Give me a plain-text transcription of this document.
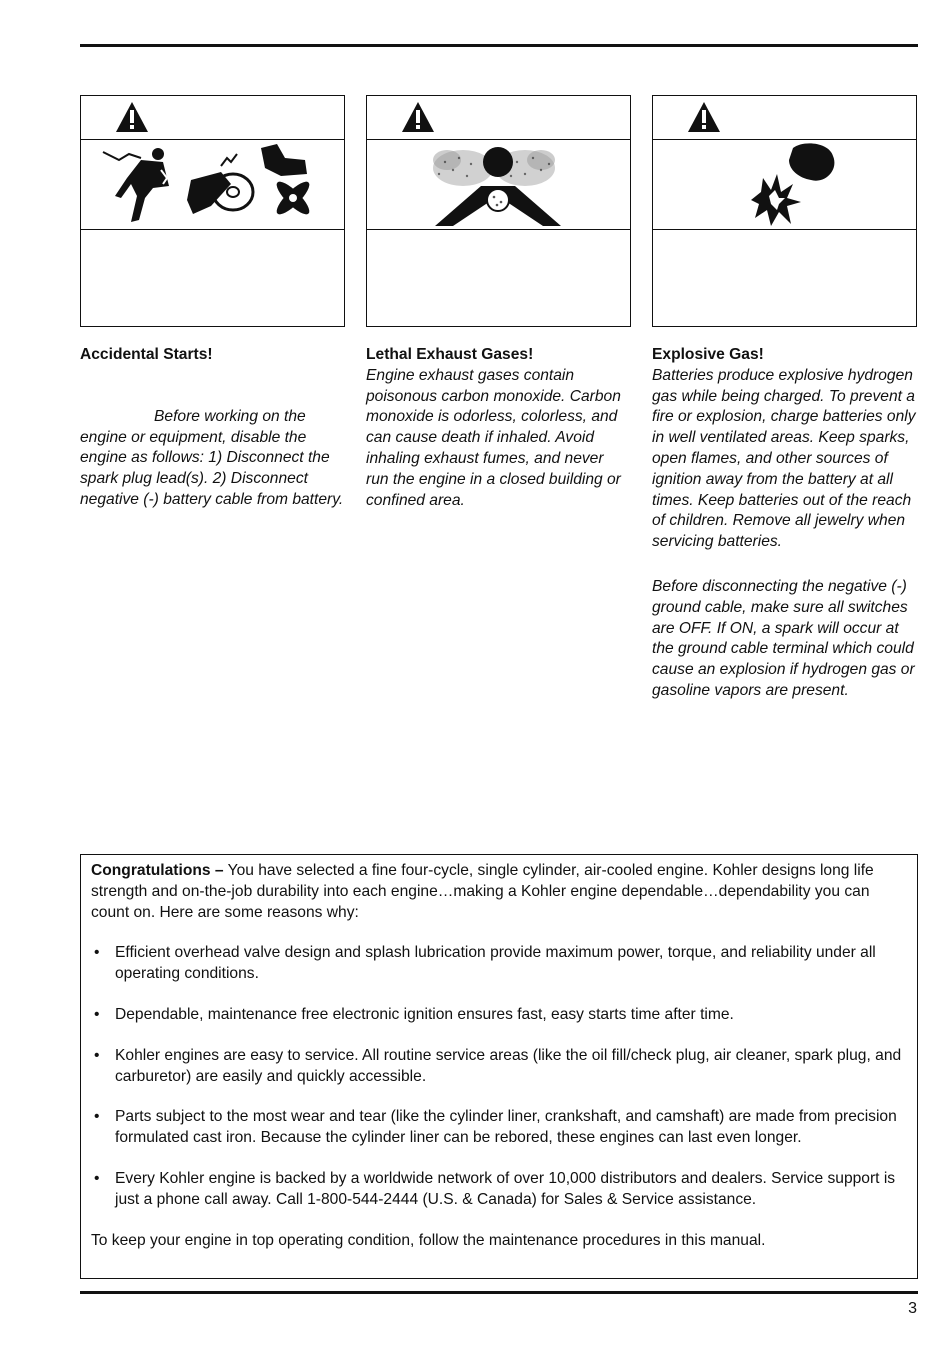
Accidental Starts!

Before working on the engine or equipment, disable the engine as follows: 1) Disconnect the spark plug lead(s). 2) Disconnect negative (-) battery cable from battery.

Lethal Exhaust Gases!

Engine exhaust gases contain poisonous carbon monoxide. Carbon monoxide is odorless, colorless, and can cause death if inhaled. Avoid inhaling exhaust fumes, and never run the engine in a closed building or confined area.

Explosive Gas!

Batteries produce explosive hydrogen gas while being charged. To prevent a fire or explosion, charge batteries only in well ventilated areas. Keep sparks, open flames, and other sources of ignition away from the battery at all times. Keep batteries out of the reach of children. Remove all jewelry when servicing batteries.

Before disconnecting the negative (-) ground cable, make sure all switches are OFF. If ON, a spark will occur at the ground cable terminal which could cause an explosion if hydrogen gas or gasoline vapors are present.

Congratulations – You have selected a fine four-cycle, single cylinder, air-cooled engine. Kohler designs long life strength and on-the-job durability into each engine…making a Kohler engine dependable…dependability you can count on. Here are some reasons why:

• Efficient overhead valve design and splash lubrication provide maximum power, torque, and reliability under all operating conditions.
• Dependable, maintenance free electronic ignition ensures fast, easy starts time after time.
• Kohler engines are easy to service. All routine service areas (like the oil fill/check plug, air cleaner, spark plug, and carburetor) are easily and quickly accessible.
• Parts subject to the most wear and tear (like the cylinder liner, crankshaft, and camshaft) are made from precision formulated cast iron. Because the cylinder liner can be rebored, these engines can last even longer.
• Every Kohler engine is backed by a worldwide network of over 10,000 distributors and dealers. Service support is just a phone call away. Call 1-800-544-2444 (U.S. & Canada) for Sales & Service assistance.

To keep your engine in top operating condition, follow the maintenance procedures in this manual.

3
